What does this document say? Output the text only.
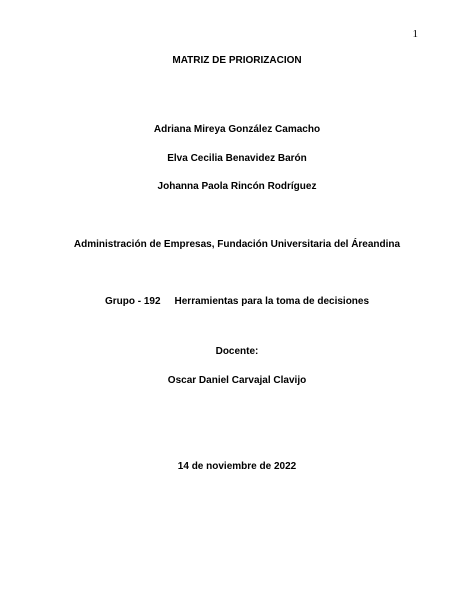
1
MATRIZ DE PRIORIZACION
Adriana Mireya González Camacho
Elva Cecilia Benavidez Barón
Johanna Paola Rincón Rodríguez
Administración de Empresas, Fundación Universitaria del Áreandina
Grupo - 192 Herramientas para la toma de decisiones
Docente:
Oscar Daniel Carvajal Clavijo
14 de noviembre de 2022
